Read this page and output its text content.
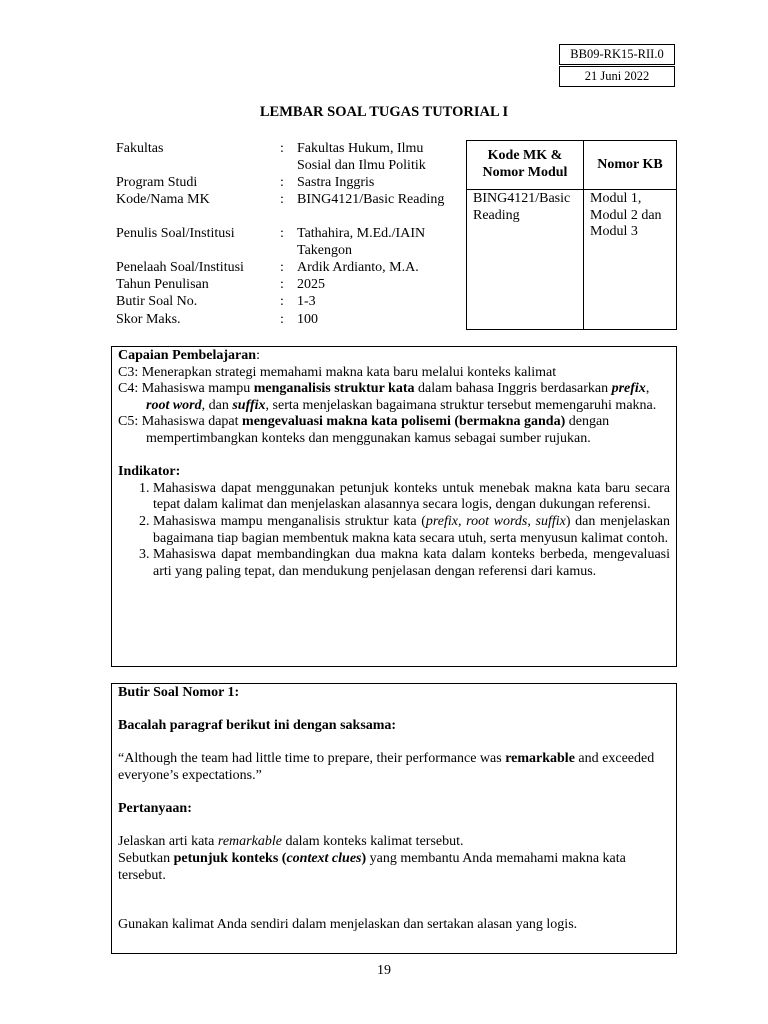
BB09-RK15-RII.0
21 Juni 2022
LEMBAR SOAL TUGAS TUTORIAL I
Fakultas	: Fakultas Hukum, Ilmu Sosial dan Ilmu Politik
Program Studi	: Sastra Inggris
Kode/Nama MK	: BING4121/Basic Reading
Penulis Soal/Institusi	: Tathahira, M.Ed./IAIN Takengon
Penelaah Soal/Institusi	: Ardik Ardianto, M.A.
Tahun Penulisan	: 2025
Butir Soal No.	: 1-3
Skor Maks.	: 100
Kode MK & Nomor Modul	Nomor KB
BING4121/Basic Reading	Modul 1, Modul 2 dan Modul 3

Capaian Pembelajaran:

C3: Menerapkan strategi memahami makna kata baru melalui konteks kalimat

C4: Mahasiswa mampu menganalisis struktur kata dalam bahasa Inggris berdasarkan prefix, root word, dan suffix, serta menjelaskan bagaimana struktur tersebut memengaruhi makna.

C5: Mahasiswa dapat mengevaluasi makna kata polisemi (bermakna ganda) dengan mempertimbangkan konteks dan menggunakan kamus sebagai sumber rujukan.

Indikator:

1. Mahasiswa dapat menggunakan petunjuk konteks untuk menebak makna kata baru secara tepat dalam kalimat dan menjelaskan alasannya secara logis, dengan dukungan referensi.
2. Mahasiswa mampu menganalisis struktur kata (prefix, root words, suffix) dan menjelaskan bagaimana tiap bagian membentuk makna kata secara utuh, serta menyusun kalimat contoh.
3. Mahasiswa dapat membandingkan dua makna kata dalam konteks berbeda, mengevaluasi arti yang paling tepat, dan mendukung penjelasan dengan referensi dari kamus.

Butir Soal Nomor 1:

Bacalah paragraf berikut ini dengan saksama:

“Although the team had little time to prepare, their performance was remarkable and exceeded everyone’s expectations.”

Pertanyaan:

Jelaskan arti kata remarkable dalam konteks kalimat tersebut.

Sebutkan petunjuk konteks (context clues) yang membantu Anda memahami makna kata tersebut.

Gunakan kalimat Anda sendiri dalam menjelaskan dan sertakan alasan yang logis.

19
